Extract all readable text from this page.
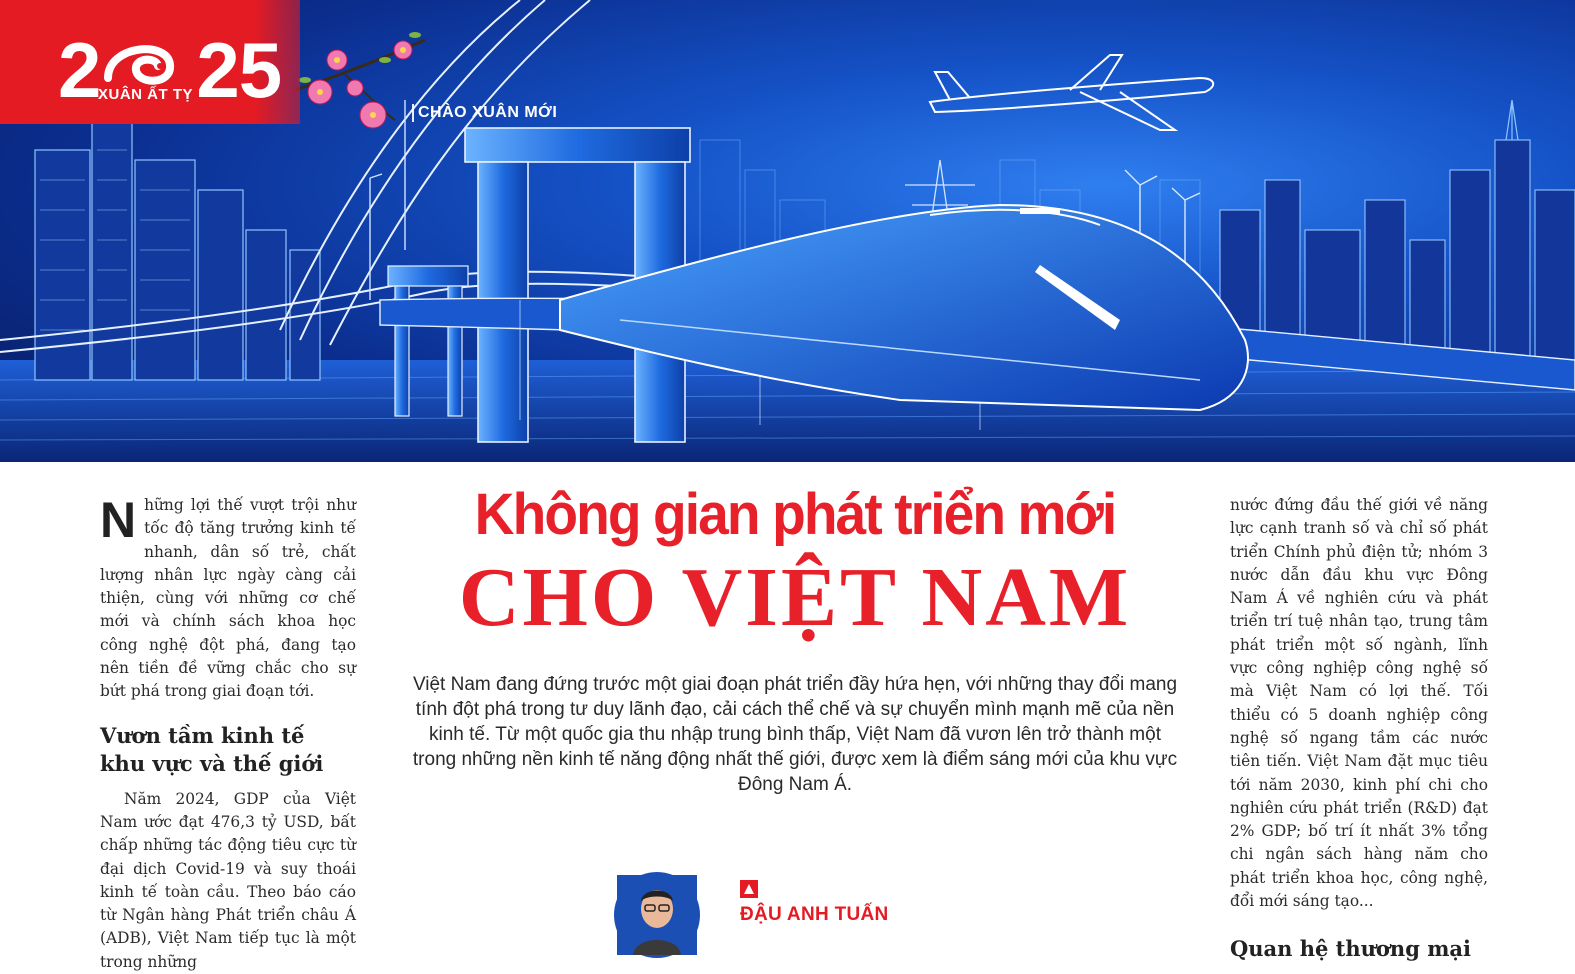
2 25
XUÂN ẤT TỴ
CHÀO XUÂN MỚI
Những lợi thế vượt trội như tốc độ tăng trưởng kinh tế nhanh, dân số trẻ, chất lượng nhân lực ngày càng cải thiện, cùng với những cơ chế mới và chính sách khoa học công nghệ đột phá, đang tạo nên tiền đề vững chắc cho sự bứt phá trong giai đoạn tới.
Vươn tầm kinh tế khu vực và thế giới
Năm 2024, GDP của Việt Nam ước đạt 476,3 tỷ USD, bất chấp những tác động tiêu cực từ đại dịch Covid-19 và suy thoái kinh tế toàn cầu. Theo báo cáo từ Ngân hàng Phát triển châu Á (ADB), Việt Nam tiếp tục là một trong những
Không gian phát triển mới
CHO VIỆT NAM

Việt Nam đang đứng trước một giai đoạn phát triển đầy hứa hẹn, với những thay đổi mang tính đột phá trong tư duy lãnh đạo, cải cách thể chế và sự chuyển mình mạnh mẽ của nền kinh tế. Từ một quốc gia thu nhập trung bình thấp, Việt Nam đã vươn lên trở thành một trong những nền kinh tế năng động nhất thế giới, được xem là điểm sáng mới của khu vực Đông Nam Á.

ĐẬU ANH TUẤN
nước đứng đầu thế giới về năng lực cạnh tranh số và chỉ số phát triển Chính phủ điện tử; nhóm 3 nước dẫn đầu khu vực Đông Nam Á về nghiên cứu và phát triển trí tuệ nhân tạo, trung tâm phát triển một số ngành, lĩnh vực công nghiệp công nghệ số mà Việt Nam có lợi thế. Tối thiểu có 5 doanh nghiệp công nghệ số ngang tầm các nước tiên tiến. Việt Nam đặt mục tiêu tới năm 2030, kinh phí chi cho nghiên cứu phát triển (R&D) đạt 2% GDP; bố trí ít nhất 3% tổng chi ngân sách hàng năm cho phát triển khoa học, công nghệ, đổi mới sáng tạo...
Quan hệ thương mại
